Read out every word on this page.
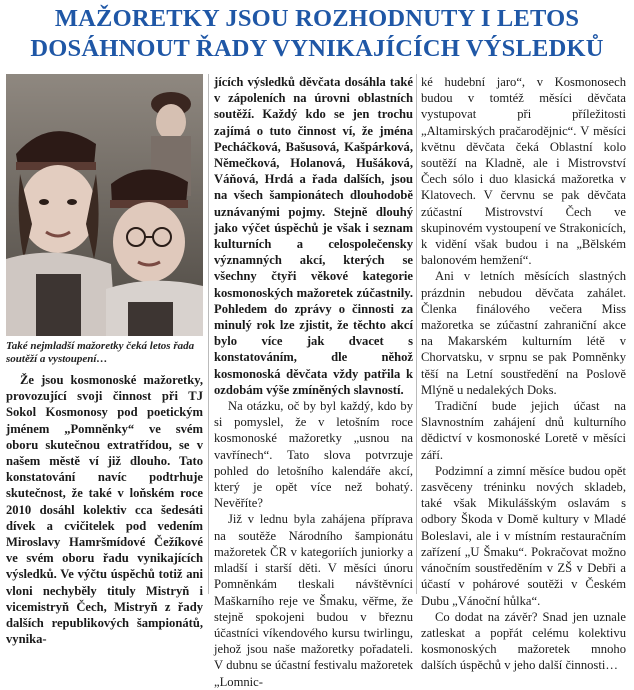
MAŽORETKY JSOU ROZHODNUTY I LETOS
DOSÁHNOUT ŘADY VYNIKAJÍCÍCH VÝSLEDKŮ
Také nejmladší mažoretky čeká letos řada soutěží a vystoupení…

Že jsou kosmonoské mažoretky, provozující svoji činnost při TJ Sokol Kosmonosy pod poetickým jménem „Pomněnky“ ve svém oboru skutečnou extratřídou, se v našem městě ví již dlouho. Tato konstatování navíc podtrhuje skutečnost, že také v loňském roce 2010 dosáhl kolektiv cca šedesáti dívek a cvičitelek pod vedením Miroslavy Hamršmídové Čežíkové ve svém oboru řadu vynikajících výsledků. Ve výčtu úspěchů totiž ani vloni nechyběly tituly Mistryň i vicemistryň Čech, Mistryň z řady dalších republikových šampionátů, vynika-

jících výsledků děvčata dosáhla také v zápoleních na úrovni oblastních soutěží. Každý kdo se jen trochu zajímá o tuto činnost ví, že jména Pecháčková, Bašusová, Kašpárková, Němečková, Holanová, Hušáková, Váňová, Hrdá a řada dalších, jsou na všech šampionátech dlouhodobě uznávanými pojmy. Stejně dlouhý jako výčet úspěchů je však i seznam kulturních a celospolečensky významných akcí, kterých se všechny čtyři věkové kategorie kosmonoských mažoretek zúčastnily. Pohledem do zprávy o činnosti za minulý rok lze zjistit, že těchto akcí bylo více jak dvacet s konstatováním, dle něhož kosmonoská děvčata vždy patřila k ozdobám výše zmíněných slavností.

Na otázku, oč by byl každý, kdo by si pomyslel, že v letošním roce kosmonoské mažoretky „usnou na vavřínech“. Tato slova potvrzuje pohled do letošního kalendáře akcí, který je opět více než bohatý. Nevěříte?

Již v lednu byla zahájena příprava na soutěže Národního šampionátu mažoretek ČR v kategoriích juniorky a mladší i starší děti. V měsíci únoru Pomněnkám tleskali návštěvníci Maškarního reje ve Šmaku, věřme, že stejně spokojeni budou v březnu účastníci víkendového kursu twirlingu, jehož jsou naše mažoretky pořadateli. V dubnu se účastní festivalu mažoretek „Lomnic-

ké hudební jaro“, v Kosmonosech budou v tomtéž měsíci děvčata vystupovat při příležitosti „Altamirských pračarodějnic“. V měsíci květnu děvčata čeká Oblastní kolo soutěží na Kladně, ale i Mistrovství Čech sólo i duo klasická mažoretka v Klatovech. V červnu se pak děvčata zúčastní Mistrovství Čech ve skupinovém vystoupení ve Strakonicích, k vidění však budou i na „Bělském balonovém hemžení“.

Ani v letních měsících slastných prázdnin nebudou děvčata zahálet. Členka finálového večera Miss mažoretka se zúčastní zahraniční akce na Makarském kulturním létě v Chorvatsku, v srpnu se pak Pomněnky těší na Letní soustředění na Poslově Mlýně u nedalekých Doks.

Tradiční bude jejich účast na Slavnostním zahájení dnů kulturního dědictví v kosmonoské Loretě v měsíci září.

Podzimní a zimní měsíce budou opět zasvěceny tréninku nových skladeb, také však Mikulášským oslavám s odbory Škoda v Domě kultury v Mladé Boleslavi, ale i v místním restauračním zařízení „U Šmaku“. Pokračovat možno vánočním soustředěním v ZŠ v Debři a účastí v pohárové soutěži v Českém Dubu „Vánoční hůlka“.

Co dodat na závěr? Snad jen uznale zatleskat a popřát celému kolektivu kosmonoských mažoretek mnoho dalších úspěchů v jeho další činnosti…
